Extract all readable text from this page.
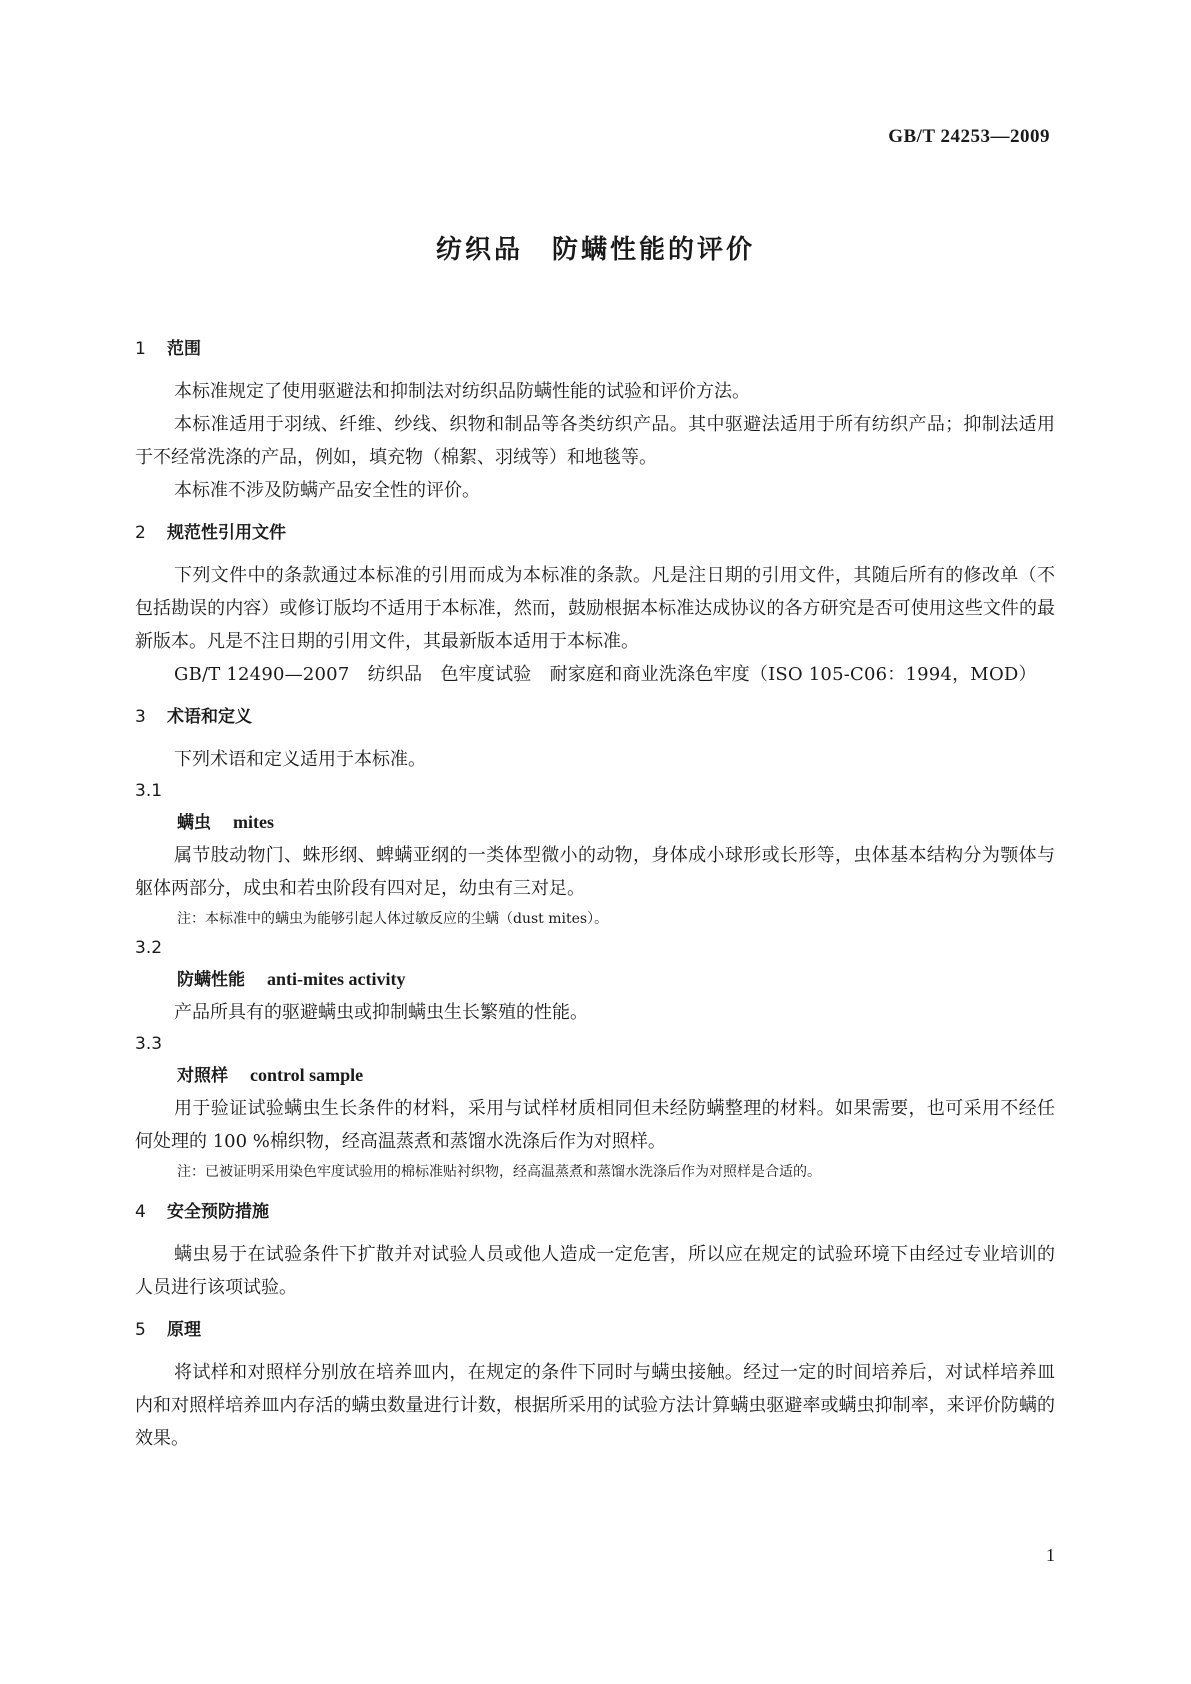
GB/T 24253—2009
纺织品　防螨性能的评价
1 范围

本标准规定了使用驱避法和抑制法对纺织品防螨性能的试验和评价方法。

本标准适用于羽绒、纤维、纱线、织物和制品等各类纺织产品。其中驱避法适用于所有纺织产品；抑制法适用于不经常洗涤的产品，例如，填充物（棉絮、羽绒等）和地毯等。

本标准不涉及防螨产品安全性的评价。

2 规范性引用文件

下列文件中的条款通过本标准的引用而成为本标准的条款。凡是注日期的引用文件，其随后所有的修改单（不包括勘误的内容）或修订版均不适用于本标准，然而，鼓励根据本标准达成协议的各方研究是否可使用这些文件的最新版本。凡是不注日期的引用文件，其最新版本适用于本标准。

GB/T 12490—2007　纺织品　色牢度试验　耐家庭和商业洗涤色牢度（ISO 105-C06：1994，MOD）

3 术语和定义

下列术语和定义适用于本标准。

3.1

螨虫 mites

属节肢动物门、蛛形纲、蜱螨亚纲的一类体型微小的动物，身体成小球形或长形等，虫体基本结构分为颚体与躯体两部分，成虫和若虫阶段有四对足，幼虫有三对足。

注：本标准中的螨虫为能够引起人体过敏反应的尘螨（dust mites）。

3.2

防螨性能 anti-mites activity

产品所具有的驱避螨虫或抑制螨虫生长繁殖的性能。

3.3

对照样 control sample

用于验证试验螨虫生长条件的材料，采用与试样材质相同但未经防螨整理的材料。如果需要，也可采用不经任何处理的 100 %棉织物，经高温蒸煮和蒸馏水洗涤后作为对照样。

注：已被证明采用染色牢度试验用的棉标准贴衬织物，经高温蒸煮和蒸馏水洗涤后作为对照样是合适的。

4 安全预防措施

螨虫易于在试验条件下扩散并对试验人员或他人造成一定危害，所以应在规定的试验环境下由经过专业培训的人员进行该项试验。

5 原理

将试样和对照样分别放在培养皿内，在规定的条件下同时与螨虫接触。经过一定的时间培养后，对试样培养皿内和对照样培养皿内存活的螨虫数量进行计数，根据所采用的试验方法计算螨虫驱避率或螨虫抑制率，来评价防螨的效果。

1
